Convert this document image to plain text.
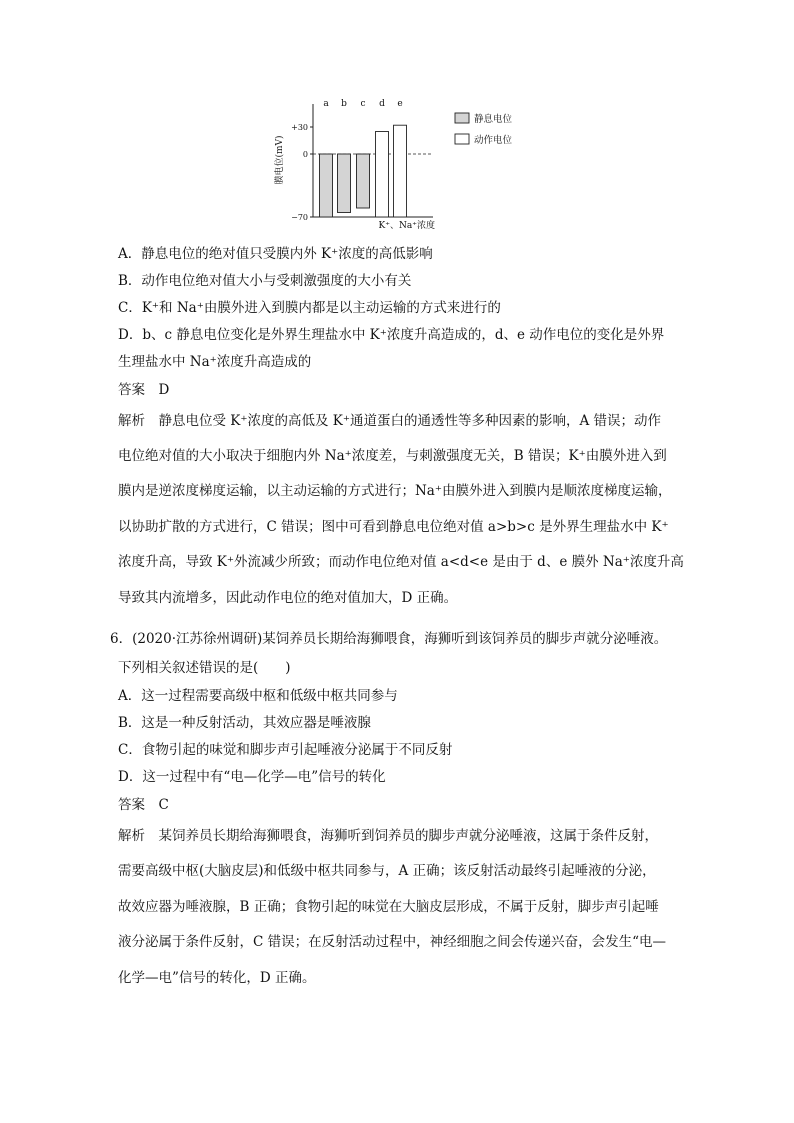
+30
0
−70
膜电位(mV)
a b c d e
K⁺、Na⁺浓度
静息电位
动作电位
A．静息电位的绝对值只受膜内外 K⁺浓度的高低影响
B．动作电位绝对值大小与受刺激强度的大小有关
C．K⁺和 Na⁺由膜外进入到膜内都是以主动运输的方式来进行的
D．b、c 静息电位变化是外界生理盐水中 K⁺浓度升高造成的，d、e 动作电位的变化是外界
生理盐水中 Na⁺浓度升高造成的
答案　D
解析　静息电位受 K⁺浓度的高低及 K⁺通道蛋白的通透性等多种因素的影响，A 错误；动作
电位绝对值的大小取决于细胞内外 Na⁺浓度差，与刺激强度无关，B 错误；K⁺由膜外进入到
膜内是逆浓度梯度运输，以主动运输的方式进行；Na⁺由膜外进入到膜内是顺浓度梯度运输，
以协助扩散的方式进行，C 错误；图中可看到静息电位绝对值 a>b>c 是外界生理盐水中 K⁺
浓度升高，导致 K⁺外流减少所致；而动作电位绝对值 a<d<e 是由于 d、e 膜外 Na⁺浓度升高
导致其内流增多，因此动作电位的绝对值加大，D 正确。
6．(2020·江苏徐州调研)某饲养员长期给海狮喂食，海狮听到该饲养员的脚步声就分泌唾液。
下列相关叙述错误的是(　　)
A．这一过程需要高级中枢和低级中枢共同参与
B．这是一种反射活动，其效应器是唾液腺
C．食物引起的味觉和脚步声引起唾液分泌属于不同反射
D．这一过程中有“电—化学—电”信号的转化
答案　C
解析　某饲养员长期给海狮喂食，海狮听到饲养员的脚步声就分泌唾液，这属于条件反射，
需要高级中枢(大脑皮层)和低级中枢共同参与，A 正确；该反射活动最终引起唾液的分泌，
故效应器为唾液腺，B 正确；食物引起的味觉在大脑皮层形成，不属于反射，脚步声引起唾
液分泌属于条件反射，C 错误；在反射活动过程中，神经细胞之间会传递兴奋，会发生“电—
化学—电”信号的转化，D 正确。
